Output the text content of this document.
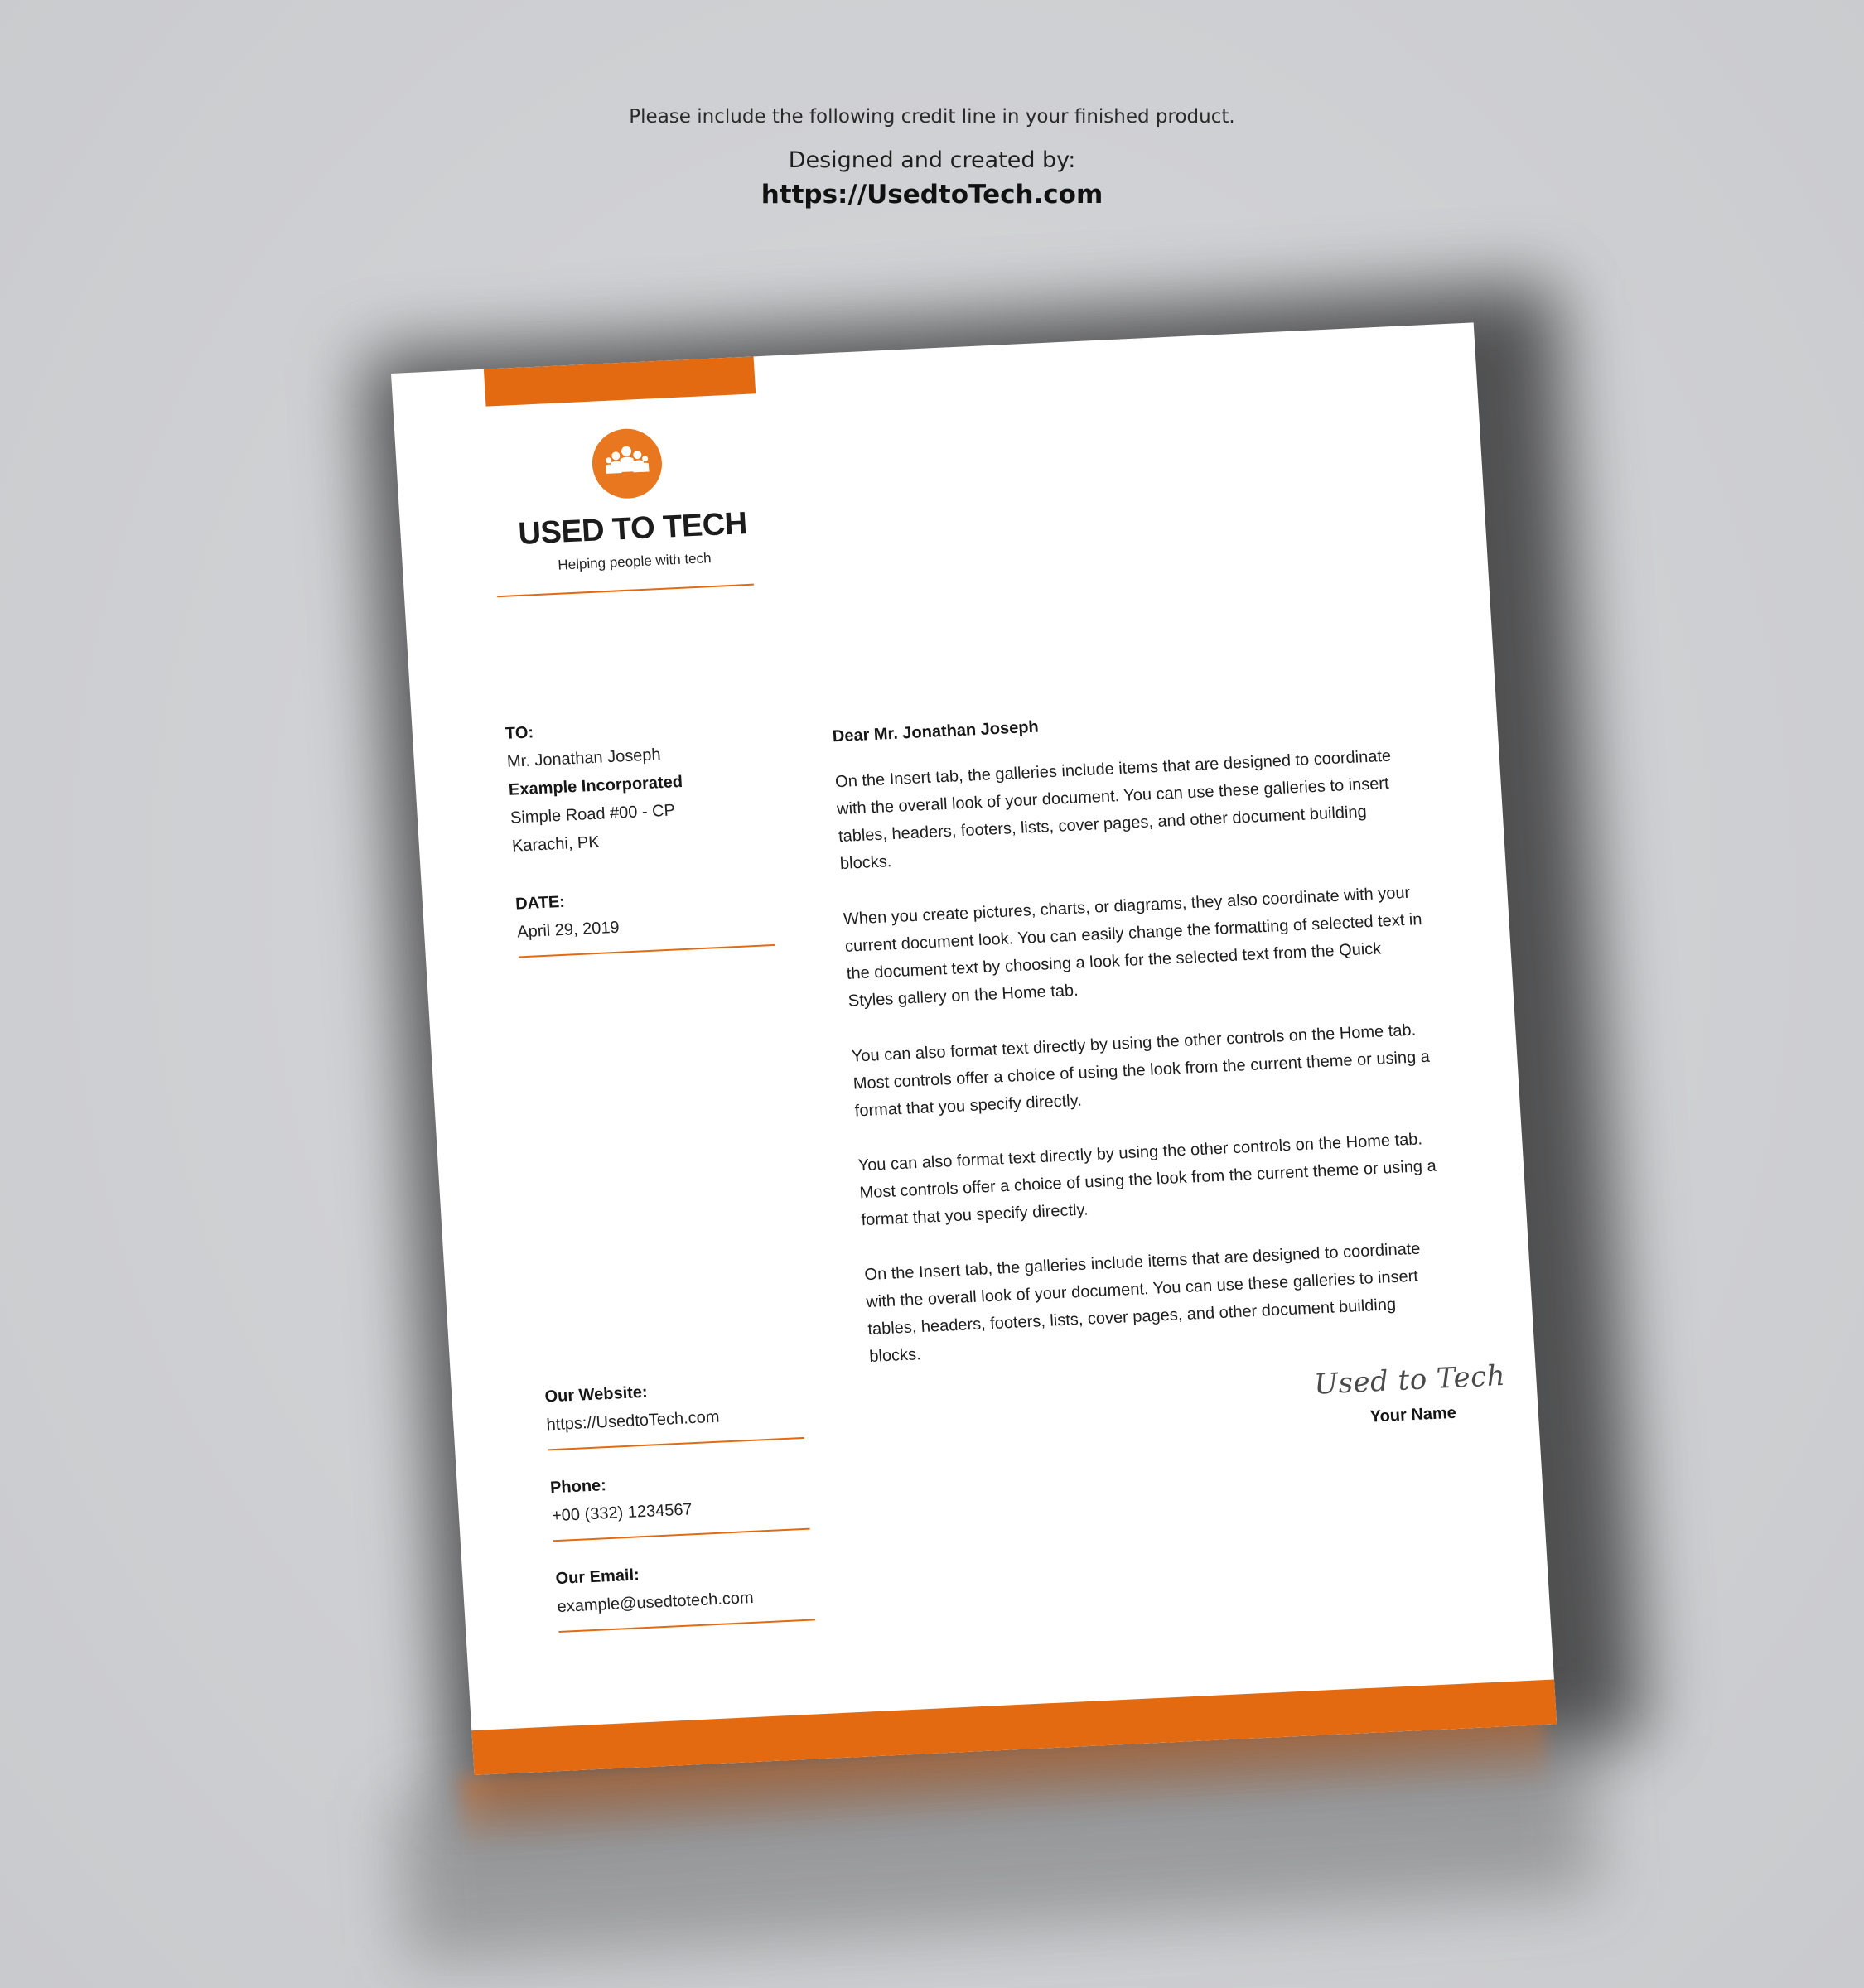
Please include the following credit line in your finished product.
Designed and created by:
https://UsedtoTech.com
USED TO TECH
Helping people with tech
TO:
Mr. Jonathan Joseph
Example Incorporated
Simple Road #00 - CP
Karachi, PK
DATE:
April 29, 2019
Dear Mr. Jonathan Joseph
On the Insert tab, the galleries include items that are designed to coordinate with the overall look of your document. You can use these galleries to insert tables, headers, footers, lists, cover pages, and other document building blocks.
When you create pictures, charts, or diagrams, they also coordinate with your current document look. You can easily change the formatting of selected text in the document text by choosing a look for the selected text from the Quick Styles gallery on the Home tab.
You can also format text directly by using the other controls on the Home tab. Most controls offer a choice of using the look from the current theme or using a format that you specify directly.
You can also format text directly by using the other controls on the Home tab. Most controls offer a choice of using the look from the current theme or using a format that you specify directly.
On the Insert tab, the galleries include items that are designed to coordinate with the overall look of your document. You can use these galleries to insert tables, headers, footers, lists, cover pages, and other document building blocks.
Used to Tech
Your Name
Our Website:
https://UsedtoTech.com
Phone:
+00 (332) 1234567
Our Email:
example@usedtotech.com
